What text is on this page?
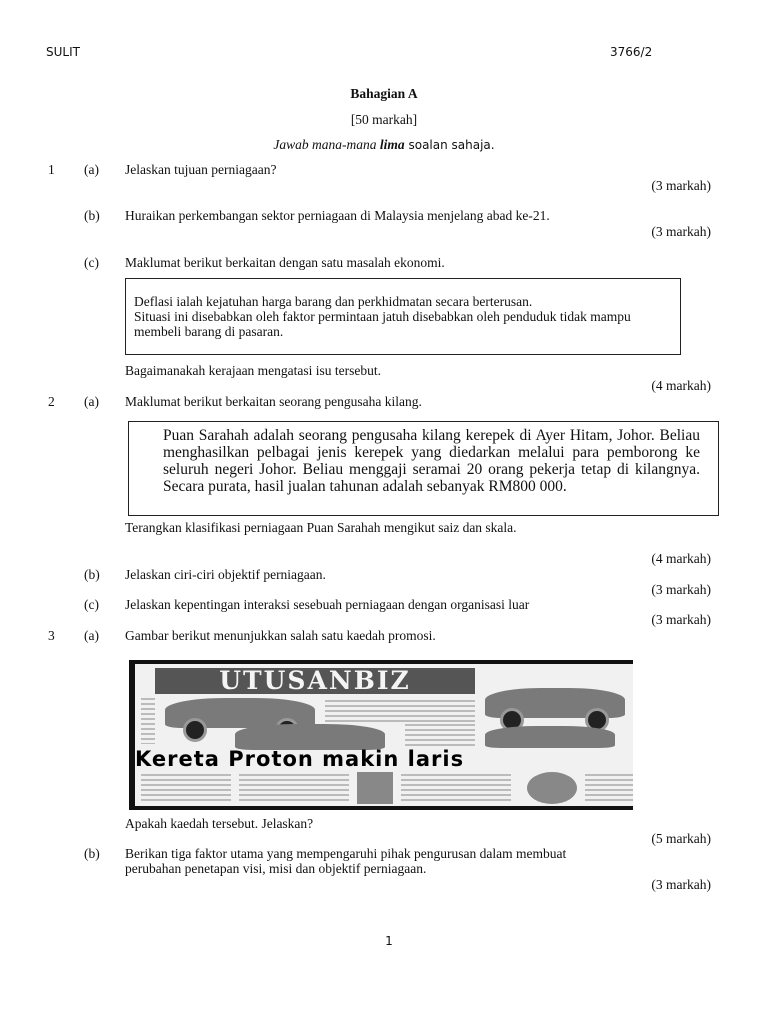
SULIT	3766/2
Bahagian A
[50 markah]
Jawab mana-mana lima soalan sahaja.
1 (a) Jelaskan tujuan perniagaan?
(3 markah)
(b) Huraikan perkembangan sektor perniagaan di Malaysia menjelang abad ke-21.
(3 markah)
(c) Maklumat berikut berkaitan dengan satu masalah ekonomi.
Deflasi ialah kejatuhan harga barang dan perkhidmatan secara berterusan.
Situasi ini disebabkan oleh faktor permintaan jatuh disebabkan oleh penduduk tidak mampu
membeli barang di pasaran.
Bagaimanakah kerajaan mengatasi isu tersebut.
(4 markah)
2 (a) Maklumat berikut berkaitan seorang pengusaha kilang.

Puan Sarahah adalah seorang pengusaha kilang kerepek di Ayer Hitam, Johor. Beliau menghasilkan pelbagai jenis kerepek yang diedarkan melalui para pemborong ke seluruh negeri Johor. Beliau menggaji seramai 20 orang pekerja tetap di kilangnya. Secara purata, hasil jualan tahunan adalah sebanyak RM800 000.

Terangkan klasifikasi perniagaan Puan Sarahah mengikut saiz dan skala.
(4 markah)
(b) Jelaskan ciri-ciri objektif perniagaan.
(3 markah)
(c) Jelaskan kepentingan interaksi sesebuah perniagaan dengan organisasi luar
(3 markah)
3 (a) Gambar berikut menunjukkan salah satu kaedah promosi.
UTUSANBIZ
Kereta Proton makin laris
Apakah kaedah tersebut. Jelaskan?
(5 markah)
(b) Berikan tiga faktor utama yang mempengaruhi pihak pengurusan dalam membuat
perubahan penetapan visi, misi dan objektif perniagaan.
(3 markah)
1
